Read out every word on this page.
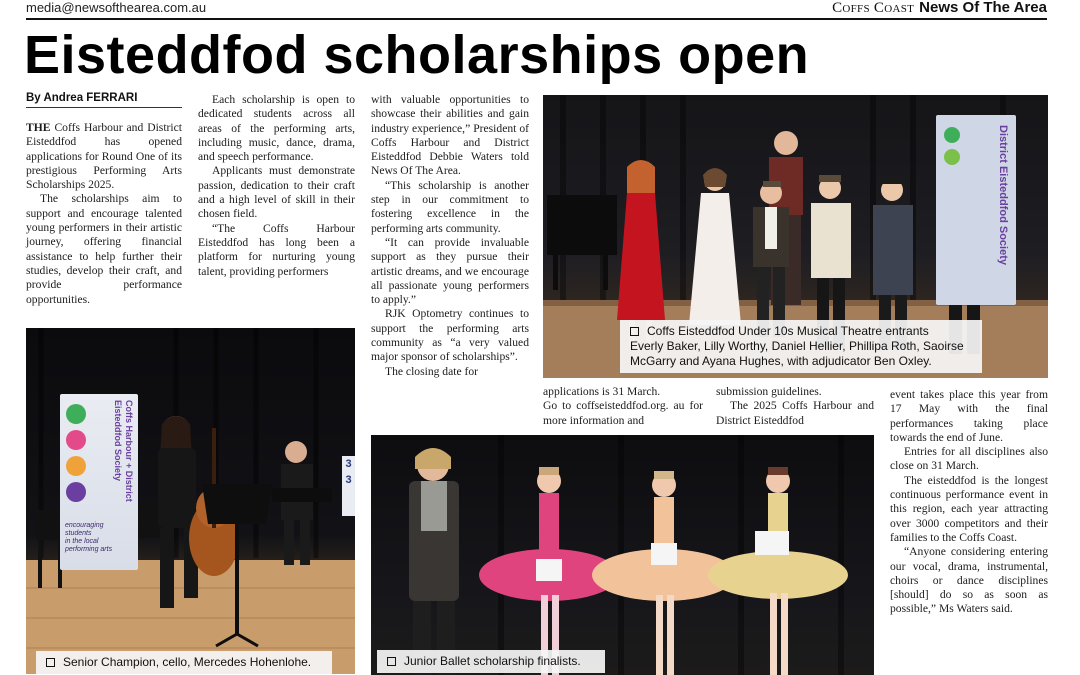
media@newsofthearea.com.au	Coffs Coast News Of The Area
Eisteddfod scholarships open
By Andrea FERRARI

THE Coffs Harbour and District Eisteddfod has opened applications for Round One of its prestigious Performing Arts Scholarships 2025.

The scholarships aim to support and encourage talented young performers in their artistic journey, offering financial assistance to help further their studies, develop their craft, and provide performance opportunities.

Each scholarship is open to dedicated students across all areas of the performing arts, including music, dance, drama, and speech performance.

Applicants must demonstrate passion, dedication to their craft and a high level of skill in their chosen field.

“The Coffs Harbour Eisteddfod has long been a platform for nurturing young talent, providing performers

with valuable opportunities to showcase their abilities and gain industry experience,” President of Coffs Harbour and District Eisteddfod Debbie Waters told News Of The Area.

“This scholarship is another step in our commitment to fostering excellence in the performing arts community.

“It can provide invaluable support as they pursue their artistic dreams, and we encourage all passionate young performers to apply.”

RJK Optometry continues to support the performing arts community as “a very valued major sponsor of scholarships”.

The closing date for

applications is 31 March.

Go to coffseisteddfod.org. au for more information and

submission guidelines.

The 2025 Coffs Harbour and District Eisteddfod

event takes place this year from 17 May with the final performances taking place towards the end of June.

Entries for all disciplines also close on 31 March.

The eisteddfod is the longest continuous performance event in this region, each year attracting over 3000 competitors and their families to the Coffs Coast.

“Anyone considering entering our vocal, drama, instrumental, choirs or dance disciplines [should] do so as soon as possible,” Ms Waters said.

District Eisteddfod Society
Coffs Eisteddfod Under 10s Musical Theatre entrants
Everly Baker, Lilly Worthy, Daniel Hellier, Phillipa Roth, Saoirse
McGarry and Ayana Hughes, with adjudicator Ben Oxley.
Coffs Harbour + District Eisteddfod Society
encouraging
students
in the local
performing arts
3
3
Senior Champion, cello, Mercedes Hohenlohe.	Junior Ballet scholarship finalists.
